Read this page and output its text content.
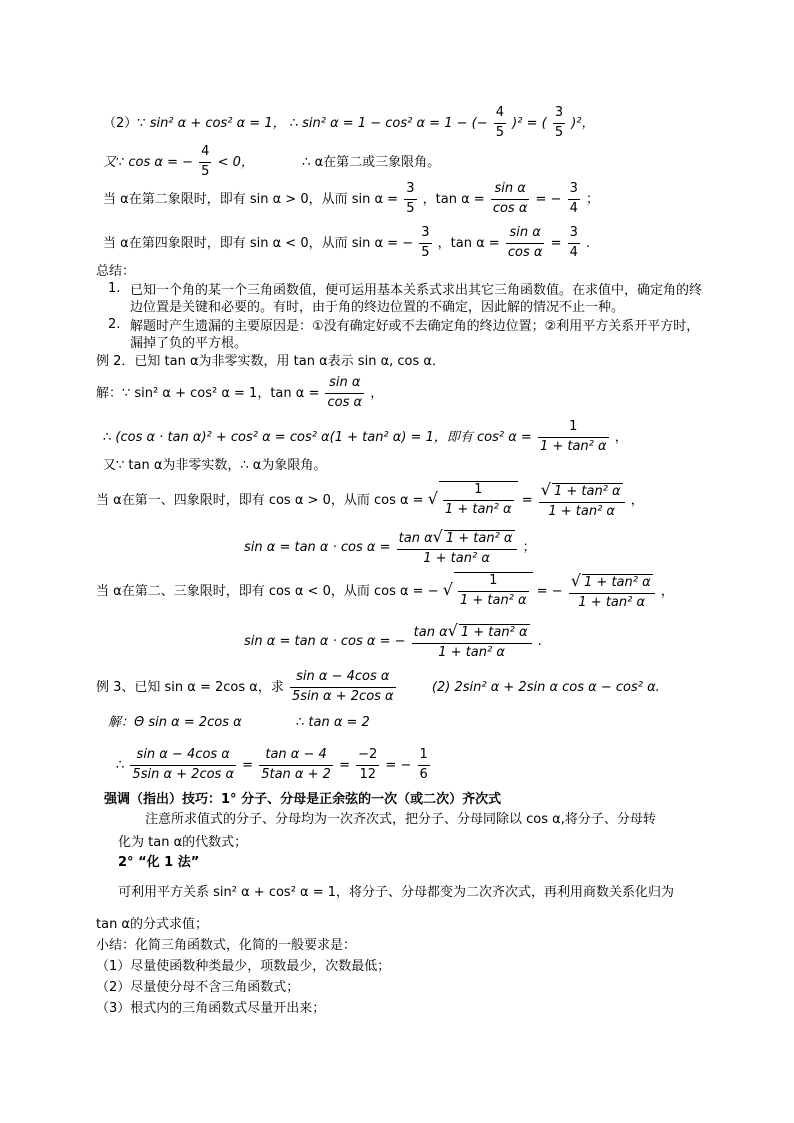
（2）∵ sin² α + cos² α = 1， ∴ sin² α = 1 − cos² α = 1 − (− $\frac{4}{5} )^2$ = ( $\frac{3}{5} )^2$，
又∵ cos α = − $\frac{4}{5} < 0$，	∴ α在第二或三象限角。
当 α在第二象限时，即有 sin α > 0，从而 $\sin \alpha = \frac{3}{5}$ ，$\tan \alpha = \frac{\text{sin α}}{\text{cos α}}$ = − $\frac{3}{4}$ ；
当 α在第四象限时，即有 sin α < 0，从而 sin α = − $\frac{3}{5}$ ，$\tan \alpha = \frac{\text{sin α}}{\text{cos α}} = \frac{3}{4}$ .
总结：
1. 已知一个角的某一个三角函数值，便可运用基本关系式求出其它三角函数值。在求值中，确定角的终边位置是关键和必要的。有时，由于角的终边位置的不确定，因此解的情况不止一种。
2. 解题时产生遗漏的主要原因是：①没有确定好或不去确定角的终边位置；②利用平方关系开平方时，漏掉了负的平方根。
例 2．已知 tan α为非零实数，用 tan α表示 sin α, cos α．
解：∵ sin² α + cos² α = 1，$\tan \alpha = \frac{\text{sin α}}{\text{cos α}}$ ，
∴ (cos α · tan α)² + cos² α = cos² α(1 + tan² α) = 1，即有 cos² $\alpha = \frac{1}{\text{1 + tan² α}}$ ，
又∵ tan α为非零实数，∴ α为象限角。
当 α在第一、四象限时，即有 cos α > 0，从而 cos α = √ $\frac{1}{\text{1 + tan² α}} = \frac{\text{√ 1 + tan² α}}{\text{1 + tan² α}}$ ，
$\sin \alpha = \tan \alpha \cdot \cos \alpha = \frac{\text{tan α√ 1 + tan² α}}{\text{1 + tan² α}}$ ；
当 α在第二、三象限时，即有 cos α < 0，从而 cos α = − √ $\frac{1}{\text{1 + tan² α}}$ = − $\frac{\text{√ 1 + tan² α}}{\text{1 + tan² α}}$ ，
sin α = tan α · cos α = − $\frac{\text{tan α√ 1 + tan² α}}{\text{1 + tan² α}}$ .
例 3、已知 sin α = 2cos α，求 $\frac{\text{sin α − 4cos α}}{\text{5sin α + 2cos α}}$	(2) 2sin² α + 2sin α cos α − cos² α.
解：Θ sin α = 2cos α	∴ tan α = 2
∴ $\frac{\text{sin α − 4cos α}}{\text{5sin α + 2cos α}} = \frac{\text{tan α − 4}}{\text{5tan α + 2}} = \frac{-2}{12}$ = − $\frac{1}{6}$
强调（指出）技巧：1° 分子、分母是正余弦的一次（或二次）齐次式
注意所求值式的分子、分母均为一次齐次式，把分子、分母同除以 cos α,将分子、分母转
化为 tan α的代数式；
2° “化 1 法”
可利用平方关系 sin² α + cos² α = 1，将分子、分母都变为二次齐次式，再利用商数关系化归为
tan α的分式求值；
小结：化简三角函数式，化简的一般要求是：
（1）尽量使函数种类最少，项数最少，次数最低；
（2）尽量使分母不含三角函数式；
（3）根式内的三角函数式尽量开出来；
